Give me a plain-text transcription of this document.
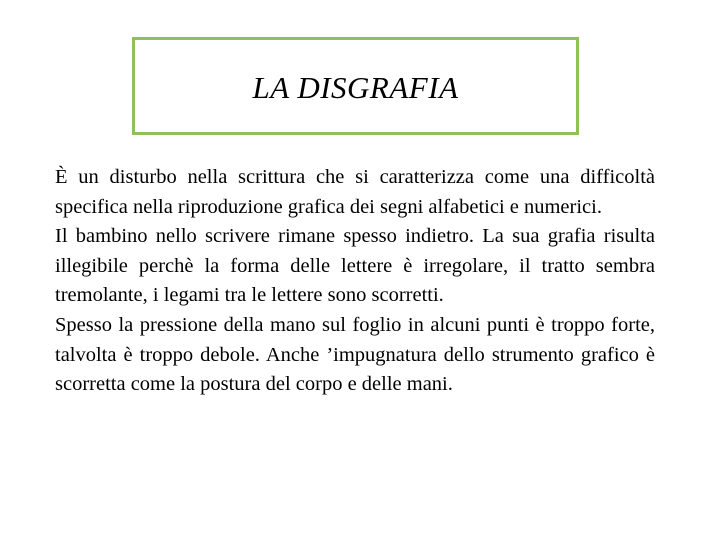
LA DISGRAFIA

È un disturbo nella scrittura che si caratterizza come una difficoltà specifica nella riproduzione grafica dei segni alfabetici e numerici.

Il bambino nello scrivere rimane spesso indietro. La sua grafia risulta illegibile perchè la forma delle lettere è irregolare, il tratto sembra tremolante, i legami tra le lettere sono scorretti.

Spesso la pressione della mano sul foglio in alcuni punti è troppo forte, talvolta è troppo debole. Anche ’impugnatura dello strumento grafico è scorretta come la postura del corpo e delle mani.
